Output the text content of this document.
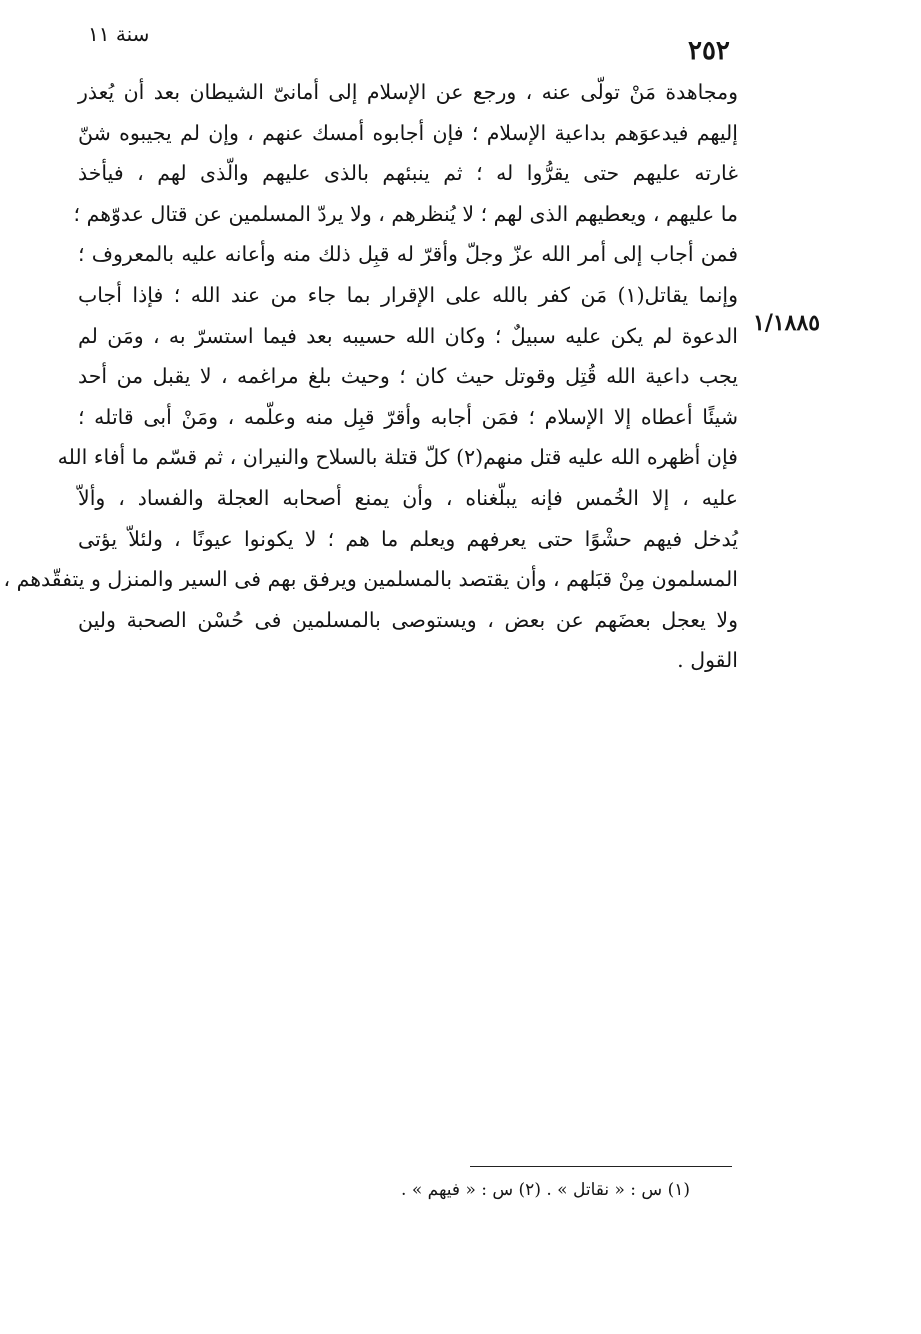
سنة ١١
٢٥٢
ومجاهدة مَنْ تولّى عنه ، ورجع عن الإسلام إلى أمانىّ الشيطان بعد أن يُعذر
إليهم فيدعوَهم بداعية الإسلام ؛ فإن أجابوه أمسك عنهم ، وإن لم يجيبوه شنّ
غارته عليهم حتى يقرُّوا له ؛ ثم ينبئهم بالذى عليهم والّذى لهم ، فيأخذ
ما عليهم ، ويعطيهم الذى لهم ؛ لا يُنظرهم ، ولا يردّ المسلمين عن قتال عدوّهم ؛
فمن أجاب إلى أمر الله عزّ وجلّ وأقرّ له قبِل ذلك منه وأعانه عليه بالمعروف ؛
وإنما يقاتل(١) مَن كفر بالله على الإقرار بما جاء من عند الله ؛ فإذا أجاب
الدعوة لم يكن عليه سبيلٌ ؛ وكان الله حسيبه بعد فيما استسرّ به ، ومَن لم
يجب داعية الله قُتِل وقوتل حيث كان ؛ وحيث بلغ مراغمه ، لا يقبل من أحد
شيئًا أعطاه إلا الإسلام ؛ فمَن أجابه وأقرّ قبِل منه وعلّمه ، ومَنْ أبى قاتله ؛
فإن أظهره الله عليه قتل منهم(٢) كلّ قتلة بالسلاح والنيران ، ثم قسّم ما أفاء الله
عليه ، إلا الخُمس فإنه يبلّغناه ، وأن يمنع أصحابه العجلة والفساد ، وألاّ
يُدخل فيهم حشْوًا حتى يعرفهم ويعلم ما هم ؛ لا يكونوا عيونًا ، ولئلاّ يؤتى
المسلمون مِنْ قبَلهم ، وأن يقتصد بالمسلمين ويرفق بهم فى السير والمنزل و يتفقّدهم ،
ولا يعجل بعضَهم عن بعض ، ويستوصى بالمسلمين فى حُسْن الصحبة ولين
القول .
١/١٨٨٥
(١) س : « نقاتل » . (٢) س : « فيهم » .
